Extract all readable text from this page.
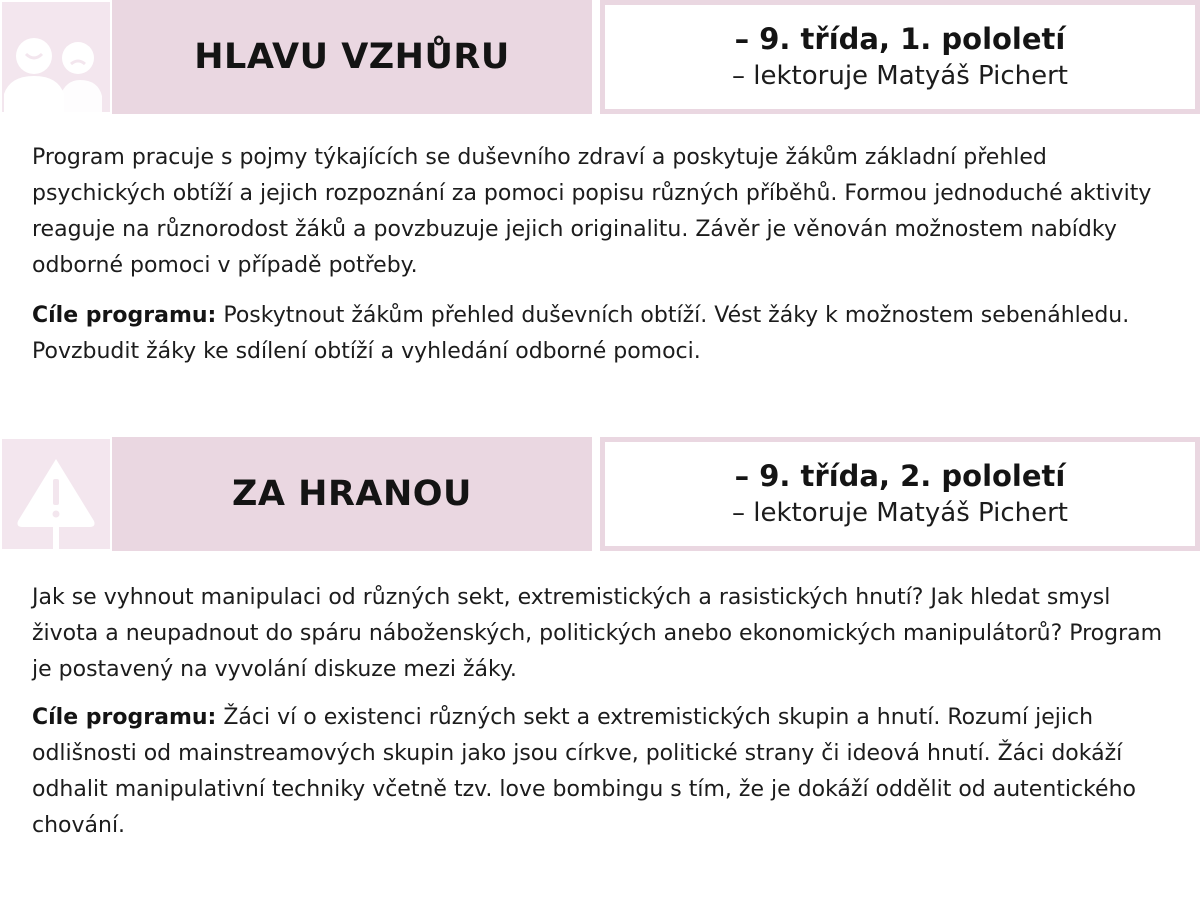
HLAVU VZHŮRU	– 9. třída, 1. pololetí
– lektoruje Matyáš Pichert

Program pracuje s pojmy týkajících se duševního zdraví a poskytuje žákům základní přehled psychických obtíží a jejich rozpoznání za pomoci popisu různých příběhů. Formou jednoduché aktivity reaguje na různorodost žáků a povzbuzuje jejich originalitu. Závěr je věnován možnostem nabídky odborné pomoci v případě potřeby.

Cíle programu: Poskytnout žákům přehled duševních obtíží. Vést žáky k možnostem sebenáhledu. Povzbudit žáky ke sdílení obtíží a vyhledání odborné pomoci.

ZA HRANOU	– 9. třída, 2. pololetí
– lektoruje Matyáš Pichert

Jak se vyhnout manipulaci od různých sekt, extremistických a rasistických hnutí? Jak hledat smysl života a neupadnout do spáru náboženských, politických anebo ekonomických manipulátorů? Program je postavený na vyvolání diskuze mezi žáky.

Cíle programu: Žáci ví o existenci různých sekt a extremistických skupin a hnutí. Rozumí jejich odlišnosti od mainstreamových skupin jako jsou církve, politické strany či ideová hnutí. Žáci dokáží odhalit manipulativní techniky včetně tzv. love bombingu s tím, že je dokáží oddělit od autentického chování.
